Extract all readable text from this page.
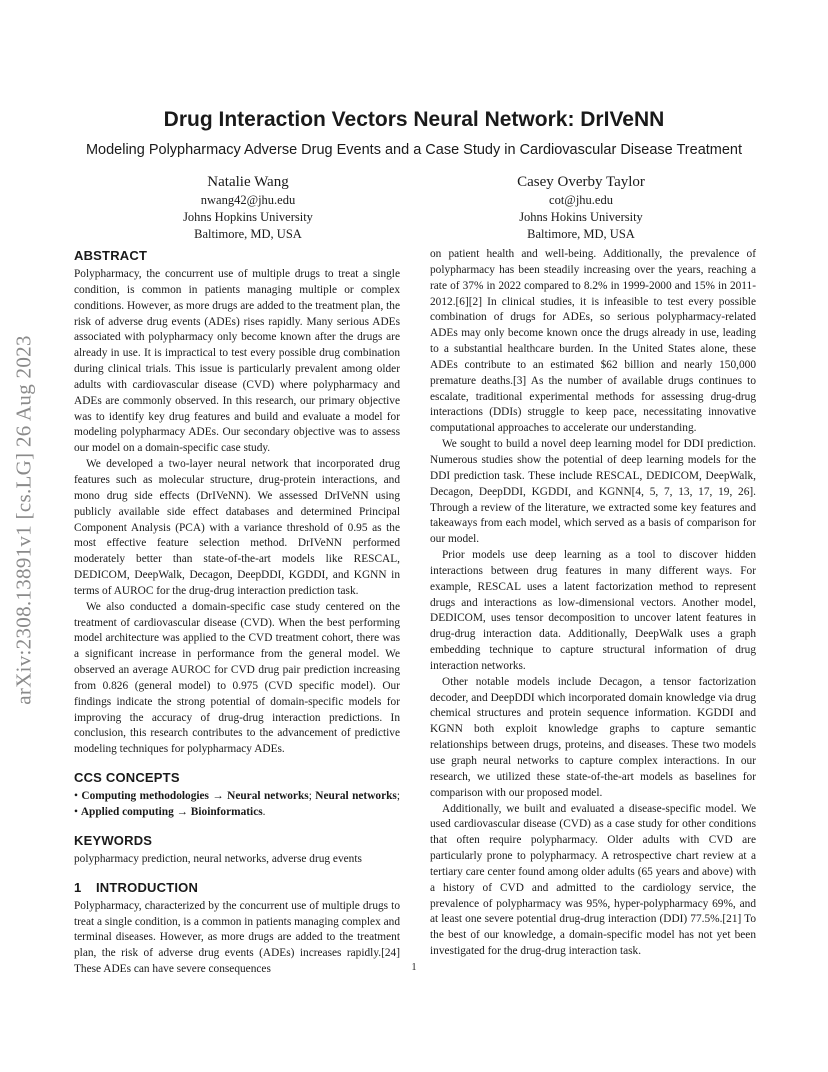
arXiv:2308.13891v1 [cs.LG] 26 Aug 2023
Drug Interaction Vectors Neural Network: DrIVeNN

Modeling Polypharmacy Adverse Drug Events and a Case Study in Cardiovascular Disease Treatment

Natalie Wang
nwang42@jhu.edu
Johns Hopkins University
Baltimore, MD, USA
Casey Overby Taylor
cot@jhu.edu
Johns Hokins University
Baltimore, MD, USA
ABSTRACT

Polypharmacy, the concurrent use of multiple drugs to treat a single condition, is common in patients managing multiple or complex conditions. However, as more drugs are added to the treatment plan, the risk of adverse drug events (ADEs) rises rapidly. Many serious ADEs associated with polypharmacy only become known after the drugs are already in use. It is impractical to test every possible drug combination during clinical trials. This issue is particularly prevalent among older adults with cardiovascular disease (CVD) where polypharmacy and ADEs are commonly observed. In this research, our primary objective was to identify key drug features and build and evaluate a model for modeling polypharmacy ADEs. Our secondary objective was to assess our model on a domain-specific case study.

We developed a two-layer neural network that incorporated drug features such as molecular structure, drug-protein interactions, and mono drug side effects (DrIVeNN). We assessed DrIVeNN using publicly available side effect databases and determined Principal Component Analysis (PCA) with a variance threshold of 0.95 as the most effective feature selection method. DrIVeNN performed moderately better than state-of-the-art models like RESCAL, DEDICOM, DeepWalk, Decagon, DeepDDI, KGDDI, and KGNN in terms of AUROC for the drug-drug interaction prediction task.

We also conducted a domain-specific case study centered on the treatment of cardiovascular disease (CVD). When the best performing model architecture was applied to the CVD treatment cohort, there was a significant increase in performance from the general model. We observed an average AUROC for CVD drug pair prediction increasing from 0.826 (general model) to 0.975 (CVD specific model). Our findings indicate the strong potential of domain-specific models for improving the accuracy of drug-drug interaction predictions. In conclusion, this research contributes to the advancement of predictive modeling techniques for polypharmacy ADEs.

CCS CONCEPTS

• Computing methodologies → Neural networks; Neural networks; • Applied computing → Bioinformatics.

KEYWORDS

polypharmacy prediction, neural networks, adverse drug events

1 INTRODUCTION

Polypharmacy, characterized by the concurrent use of multiple drugs to treat a single condition, is a common in patients managing complex and terminal diseases. However, as more drugs are added to the treatment plan, the risk of adverse drug events (ADEs) increases rapidly.[24] These ADEs can have severe consequences

on patient health and well-being. Additionally, the prevalence of polypharmacy has been steadily increasing over the years, reaching a rate of 37% in 2022 compared to 8.2% in 1999-2000 and 15% in 2011-2012.[6][2] In clinical studies, it is infeasible to test every possible combination of drugs for ADEs, so serious polypharmacy-related ADEs may only become known once the drugs already in use, leading to a substantial healthcare burden. In the United States alone, these ADEs contribute to an estimated $62 billion and nearly 150,000 premature deaths.[3] As the number of available drugs continues to escalate, traditional experimental methods for assessing drug-drug interactions (DDIs) struggle to keep pace, necessitating innovative computational approaches to accelerate our understanding.

We sought to build a novel deep learning model for DDI prediction. Numerous studies show the potential of deep learning models for the DDI prediction task. These include RESCAL, DEDICOM, DeepWalk, Decagon, DeepDDI, KGDDI, and KGNN[4, 5, 7, 13, 17, 19, 26]. Through a review of the literature, we extracted some key features and takeaways from each model, which served as a basis of comparison for our model.

Prior models use deep learning as a tool to discover hidden interactions between drug features in many different ways. For example, RESCAL uses a latent factorization method to represent drugs and interactions as low-dimensional vectors. Another model, DEDICOM, uses tensor decomposition to uncover latent features in drug-drug interaction data. Additionally, DeepWalk uses a graph embedding technique to capture structural information of drug interaction networks.

Other notable models include Decagon, a tensor factorization decoder, and DeepDDI which incorporated domain knowledge via drug chemical structures and protein sequence information. KGDDI and KGNN both exploit knowledge graphs to capture semantic relationships between drugs, proteins, and diseases. These two models use graph neural networks to capture complex interactions. In our research, we utilized these state-of-the-art models as baselines for comparison with our proposed model.

Additionally, we built and evaluated a disease-specific model. We used cardiovascular disease (CVD) as a case study for other conditions that often require polypharmacy. Older adults with CVD are particularly prone to polypharmacy. A retrospective chart review at a tertiary care center found among older adults (65 years and above) with a history of CVD and admitted to the cardiology service, the prevalence of polypharmacy was 95%, hyper-polypharmacy 69%, and at least one severe potential drug-drug interaction (DDI) 77.5%.[21] To the best of our knowledge, a domain-specific model has not yet been investigated for the drug-drug interaction task.

1
